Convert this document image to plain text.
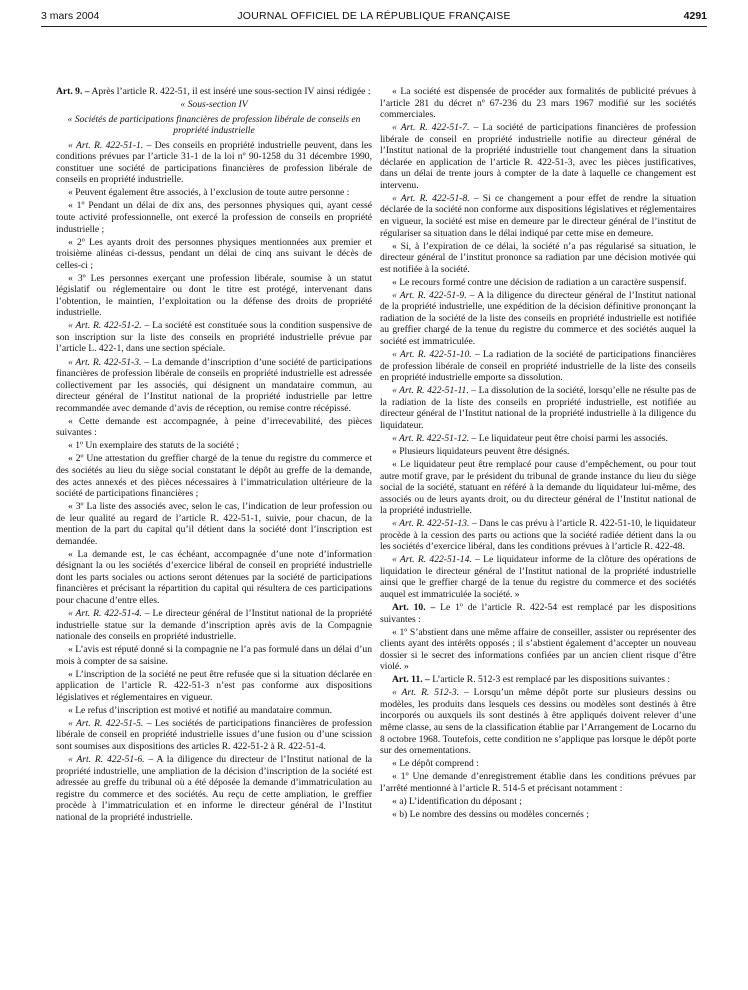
3 mars 2004	JOURNAL OFFICIEL DE LA RÉPUBLIQUE FRANÇAISE	4291

Art. 9. – Après l’article R. 422-51, il est inséré une sous-section IV ainsi rédigée :

« Sous-section IV

« Sociétés de participations financières de profession libérale de conseils en propriété industrielle

« Art. R. 422-51-1. – Des conseils en propriété industrielle peuvent, dans les conditions prévues par l’article 31-1 de la loi nº 90-1258 du 31 décembre 1990, constituer une société de participations financières de profession libérale de conseils en propriété industrielle.

« Peuvent également être associés, à l’exclusion de toute autre personne :

« 1º Pendant un délai de dix ans, des personnes physiques qui, ayant cessé toute activité professionnelle, ont exercé la profession de conseils en propriété industrielle ;

« 2º Les ayants droit des personnes physiques mentionnées aux premier et troisième alinéas ci-dessus, pendant un délai de cinq ans suivant le décès de celles-ci ;

« 3º Les personnes exerçant une profession libérale, soumise à un statut législatif ou réglementaire ou dont le titre est protégé, intervenant dans l’obtention, le maintien, l’exploitation ou la défense des droits de propriété industrielle.

« Art. R. 422-51-2. – La société est constituée sous la condition suspensive de son inscription sur la liste des conseils en propriété industrielle prévue par l’article L. 422-1, dans une section spéciale.

« Art. R. 422-51-3. – La demande d’inscription d’une société de participations financières de profession libérale de conseils en propriété industrielle est adressée collectivement par les associés, qui désignent un mandataire commun, au directeur général de l’Institut national de la propriété industrielle par lettre recommandée avec demande d’avis de réception, ou remise contre récépissé.

« Cette demande est accompagnée, à peine d’irrecevabilité, des pièces suivantes :

« 1º Un exemplaire des statuts de la société ;

« 2º Une attestation du greffier chargé de la tenue du registre du commerce et des sociétés au lieu du siège social constatant le dépôt au greffe de la demande, des actes annexés et des pièces nécessaires à l’immatriculation ultérieure de la société de participations financières ;

« 3º La liste des associés avec, selon le cas, l’indication de leur profession ou de leur qualité au regard de l’article R. 422-51-1, suivie, pour chacun, de la mention de la part du capital qu’il détient dans la société dont l’inscription est demandée.

« La demande est, le cas échéant, accompagnée d’une note d’information désignant la ou les sociétés d’exercice libéral de conseil en propriété industrielle dont les parts sociales ou actions seront détenues par la société de participations financières et précisant la répartition du capital qui résultera de ces participations pour chacune d’entre elles.

« Art. R. 422-51-4. – Le directeur général de l’Institut national de la propriété industrielle statue sur la demande d’inscription après avis de la Compagnie nationale des conseils en propriété industrielle.

« L’avis est réputé donné si la compagnie ne l’a pas formulé dans un délai d’un mois à compter de sa saisine.

« L’inscription de la société ne peut être refusée que si la situation déclarée en application de l’article R. 422-51-3 n’est pas conforme aux dispositions législatives et réglementaires en vigueur.

« Le refus d’inscription est motivé et notifié au mandataire commun.

« Art. R. 422-51-5. – Les sociétés de participations financières de profession libérale de conseil en propriété industrielle issues d’une fusion ou d’une scission sont soumises aux dispositions des articles R. 422-51-2 à R. 422-51-4.

« Art. R. 422-51-6. – A la diligence du directeur de l’Institut national de la propriété industrielle, une ampliation de la décision d’inscription de la société est adressée au greffe du tribunal où a été déposée la demande d’immatriculation au registre du commerce et des sociétés. Au reçu de cette ampliation, le greffier procède à l’immatriculation et en informe le directeur général de l’Institut national de la propriété industrielle.

« La société est dispensée de procéder aux formalités de publicité prévues à l’article 281 du décret nº 67-236 du 23 mars 1967 modifié sur les sociétés commerciales.

« Art. R. 422-51-7. – La société de participations financières de profession libérale de conseil en propriété industrielle notifie au directeur général de l’Institut national de la propriété industrielle tout changement dans la situation déclarée en application de l’article R. 422-51-3, avec les pièces justificatives, dans un délai de trente jours à compter de la date à laquelle ce changement est intervenu.

« Art. R. 422-51-8. – Si ce changement a pour effet de rendre la situation déclarée de la société non conforme aux dispositions législatives et réglementaires en vigueur, la société est mise en demeure par le directeur général de l’institut de régulariser sa situation dans le délai indiqué par cette mise en demeure.

« Si, à l’expiration de ce délai, la société n’a pas régularisé sa situation, le directeur général de l’institut prononce sa radiation par une décision motivée qui est notifiée à la société.

« Le recours formé contre une décision de radiation a un caractère suspensif.

« Art. R. 422-51-9. – A la diligence du directeur général de l’Institut national de la propriété industrielle, une expédition de la décision définitive prononçant la radiation de la société de la liste des conseils en propriété industrielle est notifiée au greffier chargé de la tenue du registre du commerce et des sociétés auquel la société est immatriculée.

« Art. R. 422-51-10. – La radiation de la société de participations financières de profession libérale de conseil en propriété industrielle de la liste des conseils en propriété industrielle emporte sa dissolution.

« Art. R. 422-51-11. – La dissolution de la société, lorsqu’elle ne résulte pas de la radiation de la liste des conseils en propriété industrielle, est notifiée au directeur général de l’Institut national de la propriété industrielle à la diligence du liquidateur.

« Art. R. 422-51-12. – Le liquidateur peut être choisi parmi les associés.

« Plusieurs liquidateurs peuvent être désignés.

« Le liquidateur peut être remplacé pour cause d’empêchement, ou pour tout autre motif grave, par le président du tribunal de grande instance du lieu du siège social de la société, statuant en référé à la demande du liquidateur lui-même, des associés ou de leurs ayants droit, ou du directeur général de l’Institut national de la propriété industrielle.

« Art. R. 422-51-13. – Dans le cas prévu à l’article R. 422-51-10, le liquidateur procède à la cession des parts ou actions que la société radiée détient dans la ou les sociétés d’exercice libéral, dans les conditions prévues à l’article R. 422-48.

« Art. R. 422-51-14. – Le liquidateur informe de la clôture des opérations de liquidation le directeur général de l’Institut national de la propriété industrielle ainsi que le greffier chargé de la tenue du registre du commerce et des sociétés auquel est immatriculée la société. »

Art. 10. – Le 1º de l’article R. 422-54 est remplacé par les dispositions suivantes :

« 1º S’abstient dans une même affaire de conseiller, assister ou représenter des clients ayant des intérêts opposés ; il s’abstient également d’accepter un nouveau dossier si le secret des informations confiées par un ancien client risque d’être violé. »

Art. 11. – L’article R. 512-3 est remplacé par les dispositions suivantes :

« Art. R. 512-3. – Lorsqu’un même dépôt porte sur plusieurs dessins ou modèles, les produits dans lesquels ces dessins ou modèles sont destinés à être incorporés ou auxquels ils sont destinés à être appliqués doivent relever d’une même classe, au sens de la classification établie par l’Arrangement de Locarno du 8 octobre 1968. Toutefois, cette condition ne s’applique pas lorsque le dépôt porte sur des ornementations.

« Le dépôt comprend :

« 1º Une demande d’enregistrement établie dans les conditions prévues par l’arrêté mentionné à l’article R. 514-5 et précisant notamment :

« a) L’identification du déposant ;

« b) Le nombre des dessins ou modèles concernés ;
